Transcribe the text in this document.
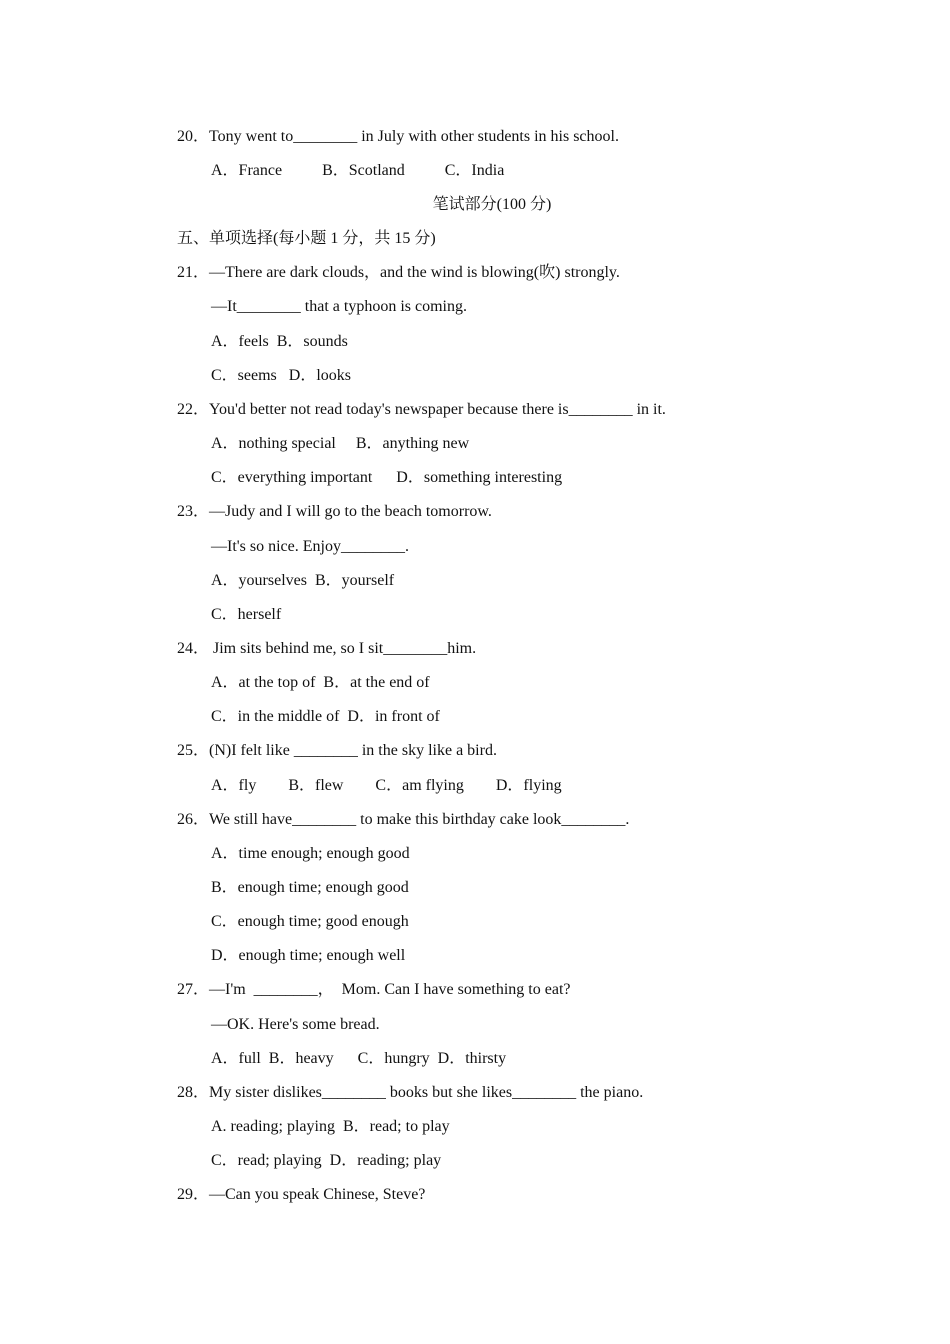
20．Tony went to________ in July with other students in his school.
A．France          B．Scotland          C．India
笔试部分(100 分)
五、单项选择(每小题 1 分，共 15 分)
21．—There are dark clouds，and the wind is blowing(吹) strongly.
—It________ that a typhoon is coming.
A．feels  B．sounds
C．seems   D．looks
22．You'd better not read today's newspaper because there is________ in it.
A．nothing special     B．anything new
C．everything important      D．something interesting
23．—Judy and I will go to the beach tomorrow.
—It's so nice. Enjoy________.
A．yourselves  B．yourself
C．herself
24． Jim sits behind me, so I sit________him.
A．at the top of  B．at the end of
C．in the middle of  D．in front of
25．(N)I felt like ________ in the sky like a bird.
A．fly        B．flew        C．am flying        D．flying
26．We still have________ to make this birthday cake look________.
A．time enough; enough good
B．enough time; enough good
C．enough time; good enough
D．enough time; enough well
27．—I'm  ________，  Mom. Can I have something to eat?
—OK. Here's some bread.
A．full  B．heavy      C．hungry  D．thirsty
28．My sister dislikes________ books but she likes________ the piano.
A. reading; playing  B．read; to play
C．read; playing  D．reading; play
29．—Can you speak Chinese, Steve?
